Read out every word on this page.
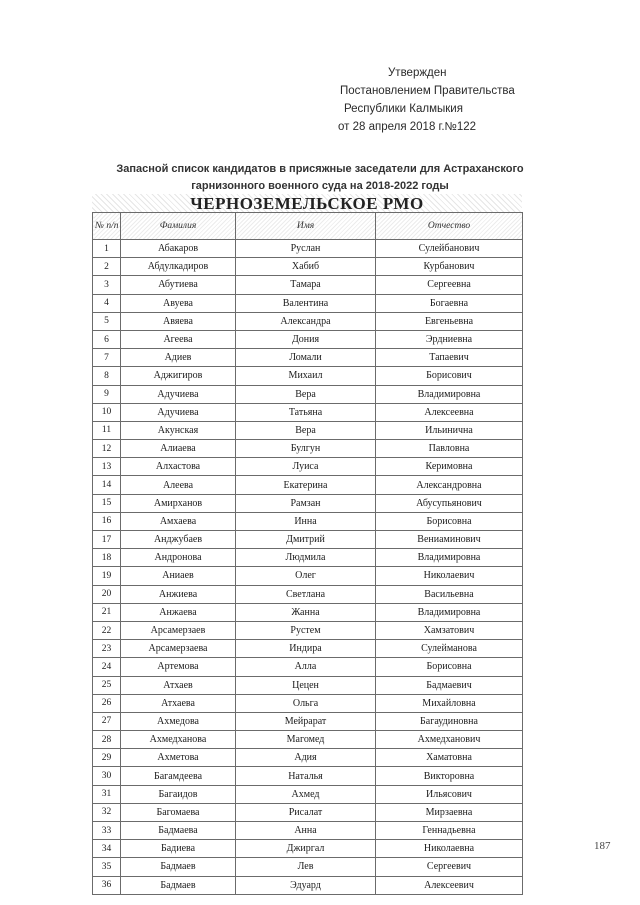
Утвержден
Постановлением Правительства
Республики Калмыкия
от 28 апреля 2018 г.№122
Запасной список кандидатов в присяжные заседатели для Астраханского
гарнизонного военного суда на 2018-2022 годы
ЧЕРНОЗЕМЕЛЬСКОЕ РМО
№ п/п	Фамилия	Имя	Отчество
1	Абакаров	Руслан	Сулейбанович
2	Абдулкадиров	Хабиб	Курбанович
3	Абутиева	Тамара	Сергеевна
4	Авуева	Валентина	Богаевна
5	Авяева	Александра	Евгеньевна
6	Агеева	Дония	Эрдниевна
7	Адиев	Ломали	Тапаевич
8	Аджигиров	Михаил	Борисович
9	Адучиева	Вера	Владимировна
10	Адучиева	Татьяна	Алексеевна
11	Акунская	Вера	Ильинична
12	Алиаева	Булгун	Павловна
13	Алхастова	Луиса	Керимовна
14	Алеева	Екатерина	Александровна
15	Амирханов	Рамзан	Абусупьянович
16	Амхаева	Инна	Борисовна
17	Анджубаев	Дмитрий	Вениаминович
18	Андронова	Людмила	Владимировна
19	Аниаев	Олег	Николаевич
20	Анжиева	Светлана	Васильевна
21	Анжаева	Жанна	Владимировна
22	Арсамерзаев	Рустем	Хамзатович
23	Арсамерзаева	Индира	Сулейманова
24	Артемова	Алла	Борисовна
25	Атхаев	Цецен	Бадмаевич
26	Атхаева	Ольга	Михайловна
27	Ахмедова	Мейрарат	Багаудиновна
28	Ахмедханова	Магомед	Ахмедханович
29	Ахметова	Адия	Хаматовна
30	Багамдеева	Наталья	Викторовна
31	Багаидов	Ахмед	Ильясович
32	Багомаева	Рисалат	Мирзаевна
33	Бадмаева	Анна	Геннадьевна
34	Бадиева	Джиргал	Николаевна
35	Бадмаев	Лев	Сергеевич
36	Бадмаев	Эдуард	Алексеевич
187
